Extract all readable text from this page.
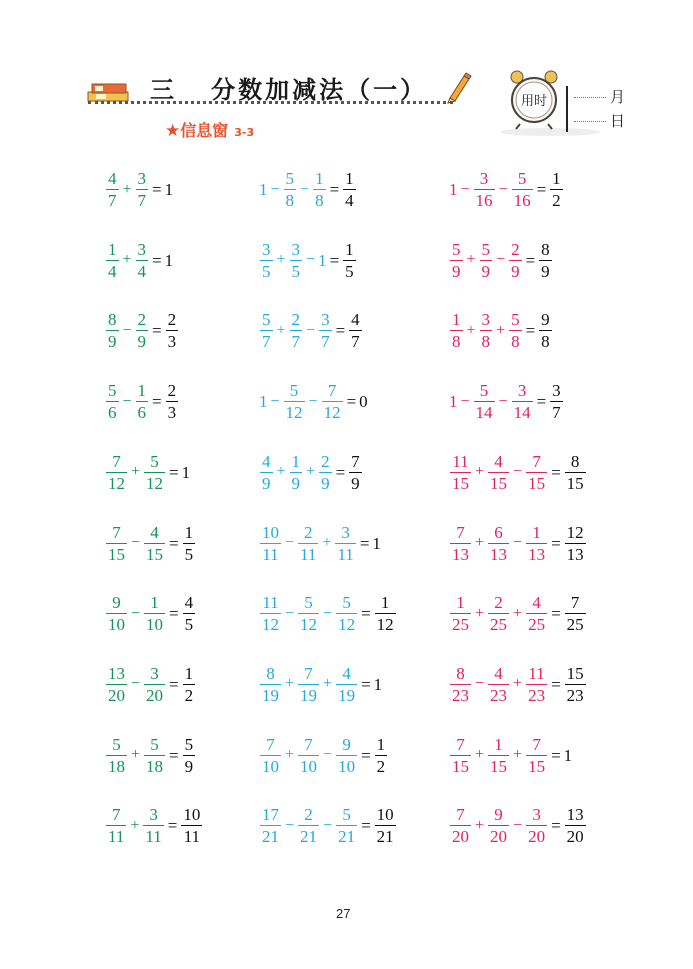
三 分数加减法（一）
★信息窗 3-3
用时	月
日
$\frac{4}{7} + \frac{3}{7} = 1$
$\frac{1}{4} + \frac{3}{4} = 1$
$\frac{8}{9} - \frac{2}{9} = \frac{2}{3}$
$\frac{5}{6} - \frac{1}{6} = \frac{2}{3}$
$\frac{7}{12} + \frac{5}{12} = 1$
$\frac{7}{15} - \frac{4}{15} = \frac{1}{5}$
$\frac{9}{10} - \frac{1}{10} = \frac{4}{5}$
$\frac{13}{20} - \frac{3}{20} = \frac{1}{2}$
$\frac{5}{18} + \frac{5}{18} = \frac{5}{9}$
$\frac{7}{11} + \frac{3}{11} = \frac{10}{11}$
$1 - \frac{5}{8} - \frac{1}{8} = \frac{1}{4}$
$\frac{3}{5} + \frac{3}{5} - 1 = \frac{1}{5}$
$\frac{5}{7} + \frac{2}{7} - \frac{3}{7} = \frac{4}{7}$
$1 - \frac{5}{12} - \frac{7}{12} = 0$
$\frac{4}{9} + \frac{1}{9} + \frac{2}{9} = \frac{7}{9}$
$\frac{10}{11} - \frac{2}{11} + \frac{3}{11} = 1$
$\frac{11}{12} - \frac{5}{12} - \frac{5}{12} = \frac{1}{12}$
$\frac{8}{19} + \frac{7}{19} + \frac{4}{19} = 1$
$\frac{7}{10} + \frac{7}{10} - \frac{9}{10} = \frac{1}{2}$
$\frac{17}{21} - \frac{2}{21} - \frac{5}{21} = \frac{10}{21}$
$1 - \frac{3}{16} - \frac{5}{16} = \frac{1}{2}$
$\frac{5}{9} + \frac{5}{9} - \frac{2}{9} = \frac{8}{9}$
$\frac{1}{8} + \frac{3}{8} + \frac{5}{8} = \frac{9}{8}$
$1 - \frac{5}{14} - \frac{3}{14} = \frac{3}{7}$
$\frac{11}{15} + \frac{4}{15} - \frac{7}{15} = \frac{8}{15}$
$\frac{7}{13} + \frac{6}{13} - \frac{1}{13} = \frac{12}{13}$
$\frac{1}{25} + \frac{2}{25} + \frac{4}{25} = \frac{7}{25}$
$\frac{8}{23} - \frac{4}{23} + \frac{11}{23} = \frac{15}{23}$
$\frac{7}{15} + \frac{1}{15} + \frac{7}{15} = 1$
$\frac{7}{20} + \frac{9}{20} - \frac{3}{20} = \frac{13}{20}$
27
